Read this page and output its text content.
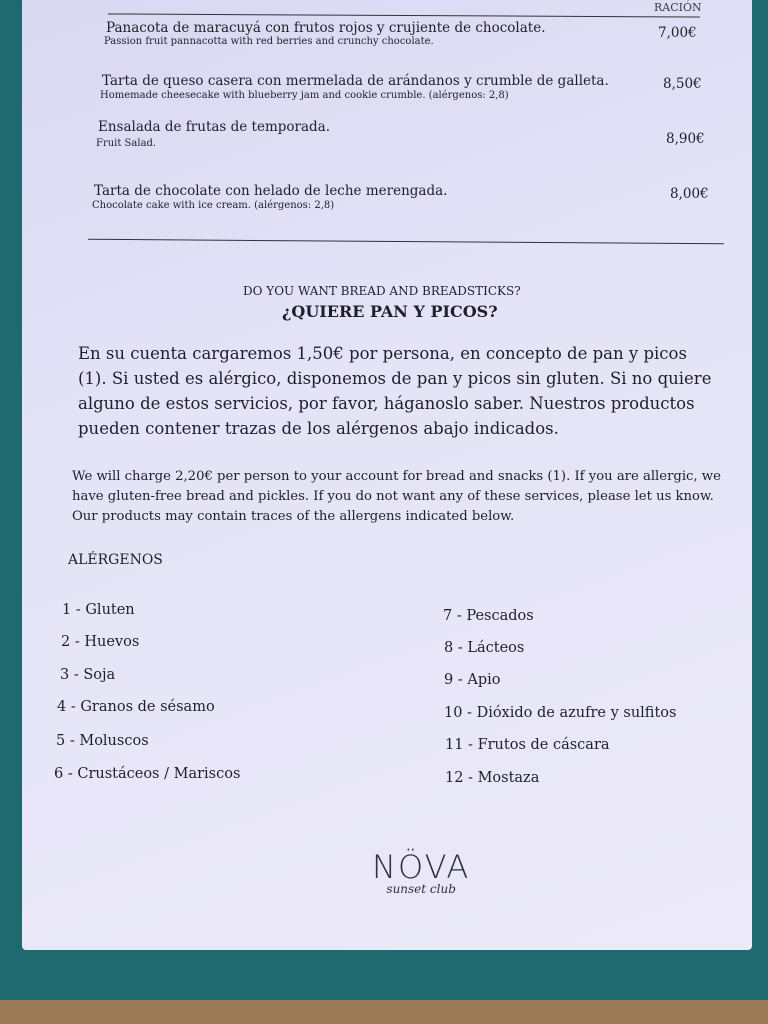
RACIÓN
Panacota de maracuyá con frutos rojos y crujiente de chocolate.
Passion fruit pannacotta with red berries and crunchy chocolate.
7,00€
Tarta de queso casera con mermelada de arándanos y crumble de galleta.
Homemade cheesecake with blueberry jam and cookie crumble. (alérgenos: 2,8)
8,50€
Ensalada de frutas de temporada.
Fruit Salad.	8,90€
Tarta de chocolate con helado de leche merengada.
Chocolate cake with ice cream. (alérgenos: 2,8)
8,00€
DO YOU WANT BREAD AND BREADSTICKS?
¿QUIERE PAN Y PICOS?
En su cuenta cargaremos 1,50€ por persona, en concepto de pan y picos (1). Si usted es alérgico, disponemos de pan y picos sin gluten. Si no quiere alguno de estos servicios, por favor, háganoslo saber. Nuestros productos pueden contener trazas de los alérgenos abajo indicados.
We will charge 2,20€ per person to your account for bread and snacks (1). If you are allergic, we have gluten-free bread and pickles. If you do not want any of these services, please let us know. Our products may contain traces of the allergens indicated below.
ALÉRGENOS
1 - Gluten
2 - Huevos
3 - Soja
4 - Granos de sésamo
5 - Moluscos
6 - Crustáceos / Mariscos
7 - Pescados
8 - Lácteos
9 - Apio
10 - Dióxido de azufre y sulfitos
11 - Frutos de cáscara
12 - Mostaza
NÖVA
sunset club
